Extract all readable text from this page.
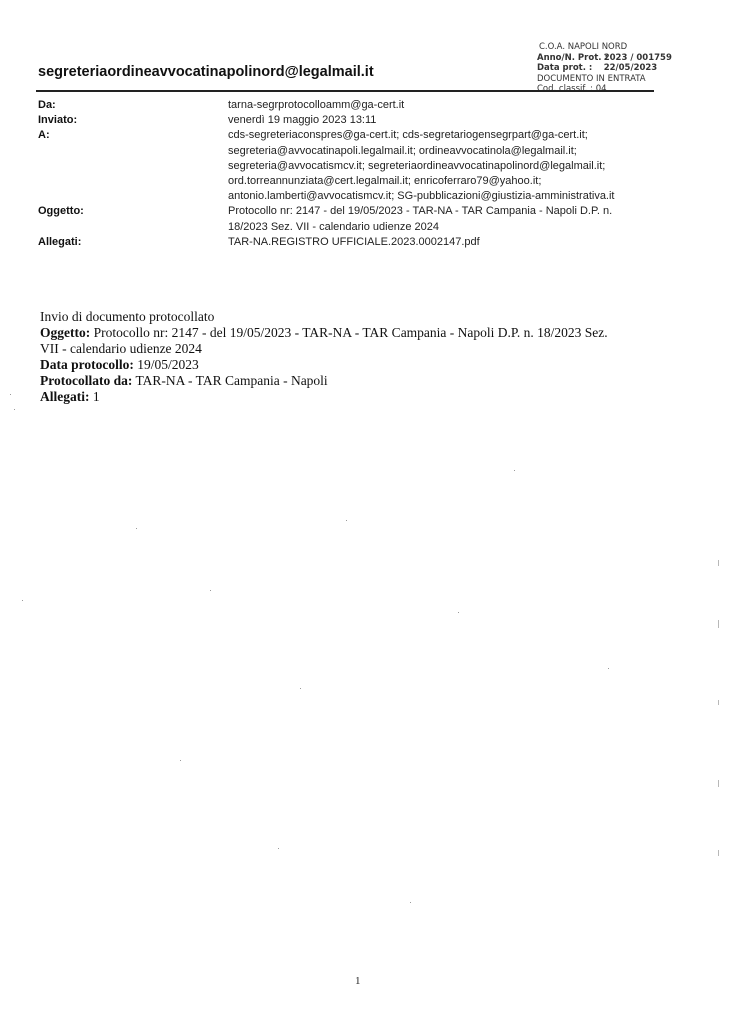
C.O.A. NAPOLI NORD
Anno/N. Prot. : 2023 / 001759
Data prot. : 22/05/2023
DOCUMENTO IN ENTRATA
Cod. classif. : 04
segreteriaordineavvocatinapolinord@legalmail.it
Da:	tarna-segrprotocolloamm@ga-cert.it
Inviato:	venerdì 19 maggio 2023 13:11
A:	cds-segreteriaconspres@ga-cert.it; cds-segretariogensegrpart@ga-cert.it;
segreteria@avvocatinapoli.legalmail.it; ordineavvocatinola@legalmail.it;
segreteria@avvocatismcv.it; segreteriaordineavvocatinapolinord@legalmail.it;
ord.torreannunziata@cert.legalmail.it; enricoferraro79@yahoo.it;
antonio.lamberti@avvocatismcv.it; SG-pubblicazioni@giustizia-amministrativa.it

Oggetto:	Protocollo nr: 2147 - del 19/05/2023 - TAR-NA - TAR Campania - Napoli D.P. n.
18/2023 Sez. VII - calendario udienze 2024

Allegati:	TAR-NA.REGISTRO UFFICIALE.2023.0002147.pdf

Invio di documento protocollato

Oggetto: Protocollo nr: 2147 - del 19/05/2023 - TAR-NA - TAR Campania - Napoli D.P. n. 18/2023 Sez.

VII - calendario udienze 2024

Data protocollo: 19/05/2023

Protocollato da: TAR-NA - TAR Campania - Napoli

Allegati: 1

1
